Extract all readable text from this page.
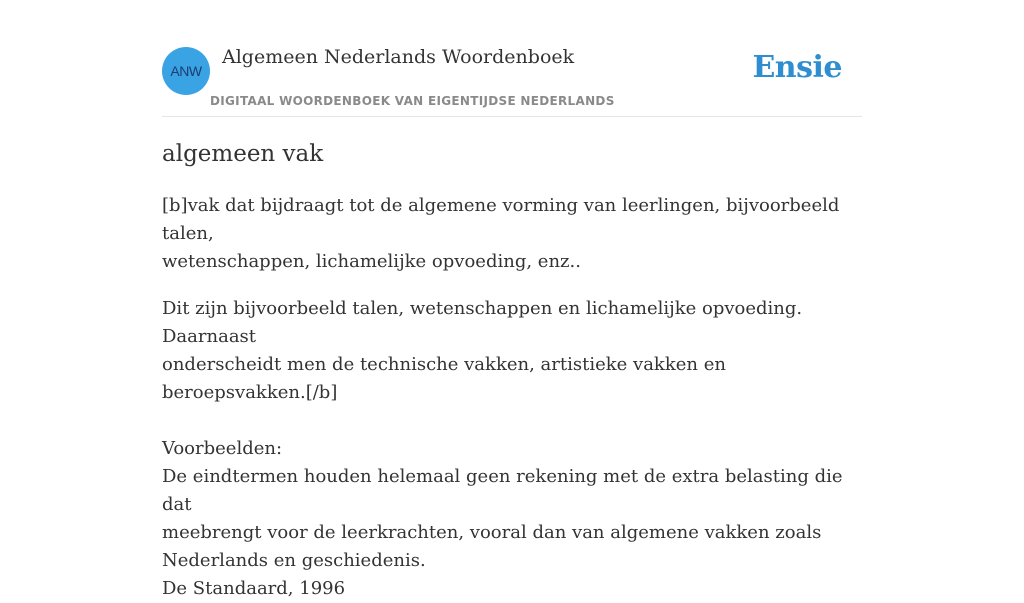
ANW
Algemeen Nederlands Woordenboek
DIGITAAL WOORDENBOEK VAN EIGENTIJDSE NEDERLANDS
Ensie
algemeen vak

[b]vak dat bijdraagt tot de algemene vorming van leerlingen, bijvoorbeeld talen,
wetenschappen, lichamelijke opvoeding, enz..

Dit zijn bijvoorbeeld talen, wetenschappen en lichamelijke opvoeding. Daarnaast
onderscheidt men de technische vakken, artistieke vakken en beroepsvakken.[/b]

Voorbeelden:

De eindtermen houden helemaal geen rekening met de extra belasting die dat
meebrengt voor de leerkrachten, vooral dan van algemene vakken zoals
Nederlands en geschiedenis.

De Standaard, 1996
